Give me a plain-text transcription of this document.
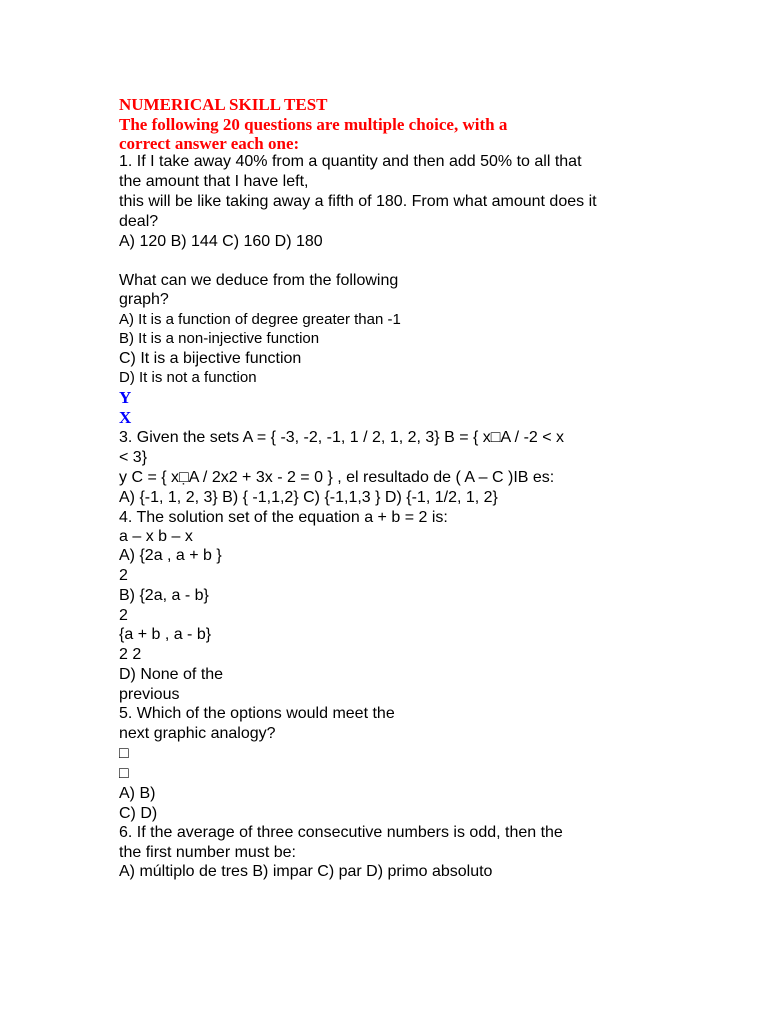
NUMERICAL SKILL TEST

The following 20 questions are multiple choice, with a

correct answer each one:

1. If I take away 40% from a quantity and then add 50% to all that

the amount that I have left,

this will be like taking away a fifth of 180. From what amount does it

deal?

A) 120 B) 144 C) 160 D) 180

What can we deduce from the following

graph?

A) It is a function of degree greater than -1

B) It is a non-injective function

C) It is a bijective function

D) It is not a function

Y

X

3. Given the sets A = { -3, -2, -1, 1 / 2, 1, 2, 3} B = { x□A / -2 < x

< 3}

y C = { x□̣A / 2x2 + 3x - 2 = 0 } , el resultado de ( A – C )IB es:

A) {-1, 1, 2, 3} B) { -1,1,2} C) {-1,1,3 } D) {-1, 1/2, 1, 2}

4. The solution set of the equation a + b = 2 is:

a – x b – x

A) {2a , a + b }

2

B) {2a, a - b}

2

{a + b , a - b}

2 2

D) None of the

previous

5. Which of the options would meet the

next graphic analogy?

□

□

A) B)

C) D)

6. If the average of three consecutive numbers is odd, then the

the first number must be:

A) múltiplo de tres B) impar C) par D) primo absoluto
